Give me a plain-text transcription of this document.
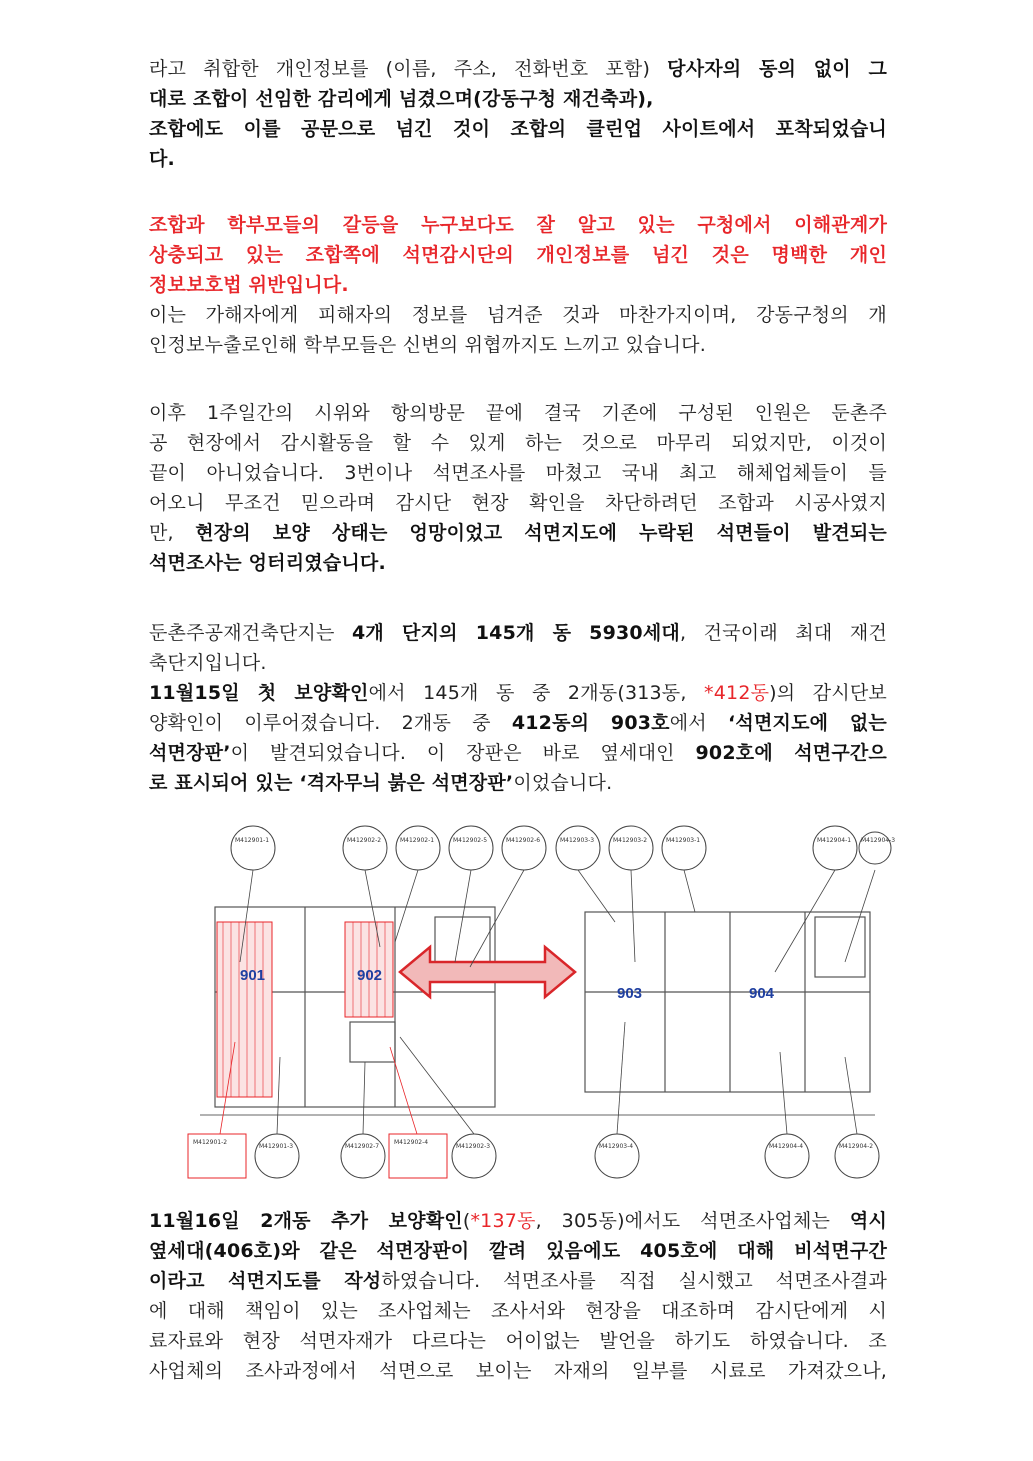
라고 취합한 개인정보를 (이름, 주소, 전화번호 포함) 당사자의 동의 없이 그
대로 조합이 선임한 감리에게 넘겼으며(강동구청 재건축과),
조합에도 이를 공문으로 넘긴 것이 조합의 클린업 사이트에서 포착되었습니
다.
조합과 학부모들의 갈등을 누구보다도 잘 알고 있는 구청에서 이해관계가
상충되고 있는 조합쪽에 석면감시단의 개인정보를 넘긴 것은 명백한 개인
정보보호법 위반입니다.
이는 가해자에게 피해자의 정보를 넘겨준 것과 마찬가지이며, 강동구청의 개
인정보누출로인해 학부모들은 신변의 위협까지도 느끼고 있습니다.
이후 1주일간의 시위와 항의방문 끝에 결국 기존에 구성된 인원은 둔촌주
공 현장에서 감시활동을 할 수 있게 하는 것으로 마무리 되었지만, 이것이
끝이 아니었습니다. 3번이나 석면조사를 마쳤고 국내 최고 해체업체들이 들
어오니 무조건 믿으라며 감시단 현장 확인을 차단하려던 조합과 시공사였지
만, 현장의 보양 상태는 엉망이었고 석면지도에 누락된 석면들이 발견되는
석면조사는 엉터리였습니다.
둔촌주공재건축단지는 4개 단지의 145개 동 5930세대, 건국이래 최대 재건
축단지입니다.
11월15일 첫 보양확인에서 145개 동 중 2개동(313동, *412동)의 감시단보
양확인이 이루어졌습니다. 2개동 중 412동의 903호에서 ‘석면지도에 없는
석면장판’이 발견되었습니다. 이 장판은 바로 옆세대인 902호에 석면구간으
로 표시되어 있는 ‘격자무늬 붉은 석면장판’이었습니다.
901	902
903	904
M412901-1	M412902-2	M412902-1	M412902-5	M412902-6	M412903-3	M412903-2	M412903-1	M412904-1 M412904-3
M412901-2
M412901-3	M412902-7
M412902-4
M412902-3	M412903-4	M412904-4	M412904-2
11월16일 2개동 추가 보양확인(*137동, 305동)에서도 석면조사업체는 역시
옆세대(406호)와 같은 석면장판이 깔려 있음에도 405호에 대해 비석면구간
이라고 석면지도를 작성하였습니다. 석면조사를 직접 실시했고 석면조사결과
에 대해 책임이 있는 조사업체는 조사서와 현장을 대조하며 감시단에게 시
료자료와 현장 석면자재가 다르다는 어이없는 발언을 하기도 하였습니다. 조
사업체의 조사과정에서 석면으로 보이는 자재의 일부를 시료로 가져갔으나,
